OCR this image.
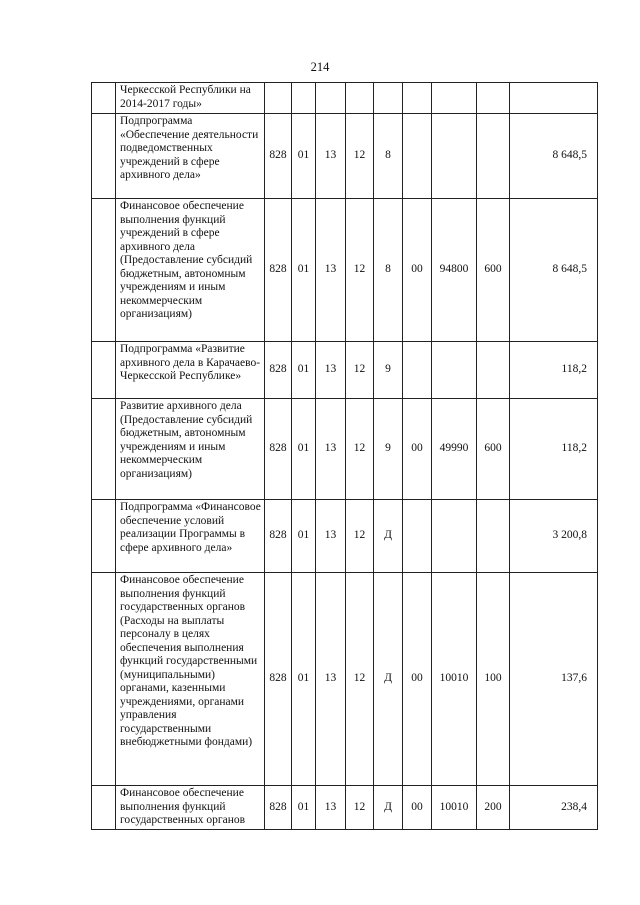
214
	Черкесской Республики на 2014-2017 годы»									
	Подпрограмма «Обеспечение деятельности подведомственных учреждений в сфере архивного дела»	828	01	13	12	8				8 648,5
	Финансовое обеспечение выполнения функций учреждений в сфере архивного дела (Предоставление субсидий бюджетным, автономным учреждениям и иным некоммерческим организациям)	828	01	13	12	8	00	94800	600	8 648,5
	Подпрограмма «Развитие архивного дела в Карачаево-Черкесской Республике»	828	01	13	12	9				118,2
	Развитие архивного дела (Предоставление субсидий бюджетным, автономным учреждениям и иным некоммерческим организациям)	828	01	13	12	9	00	49990	600	118,2
	Подпрограмма «Финансовое обеспечение условий реализации Программы в сфере архивного дела»	828	01	13	12	Д				3 200,8
	Финансовое обеспечение выполнения функций государственных органов (Расходы на выплаты персоналу в целях обеспечения выполнения функций государственными (муниципальными) органами, казенными учреждениями, органами управления государственными внебюджетными фондами)	828	01	13	12	Д	00	10010	100	137,6
	Финансовое обеспечение выполнения функций государственных органов	828	01	13	12	Д	00	10010	200	238,4
